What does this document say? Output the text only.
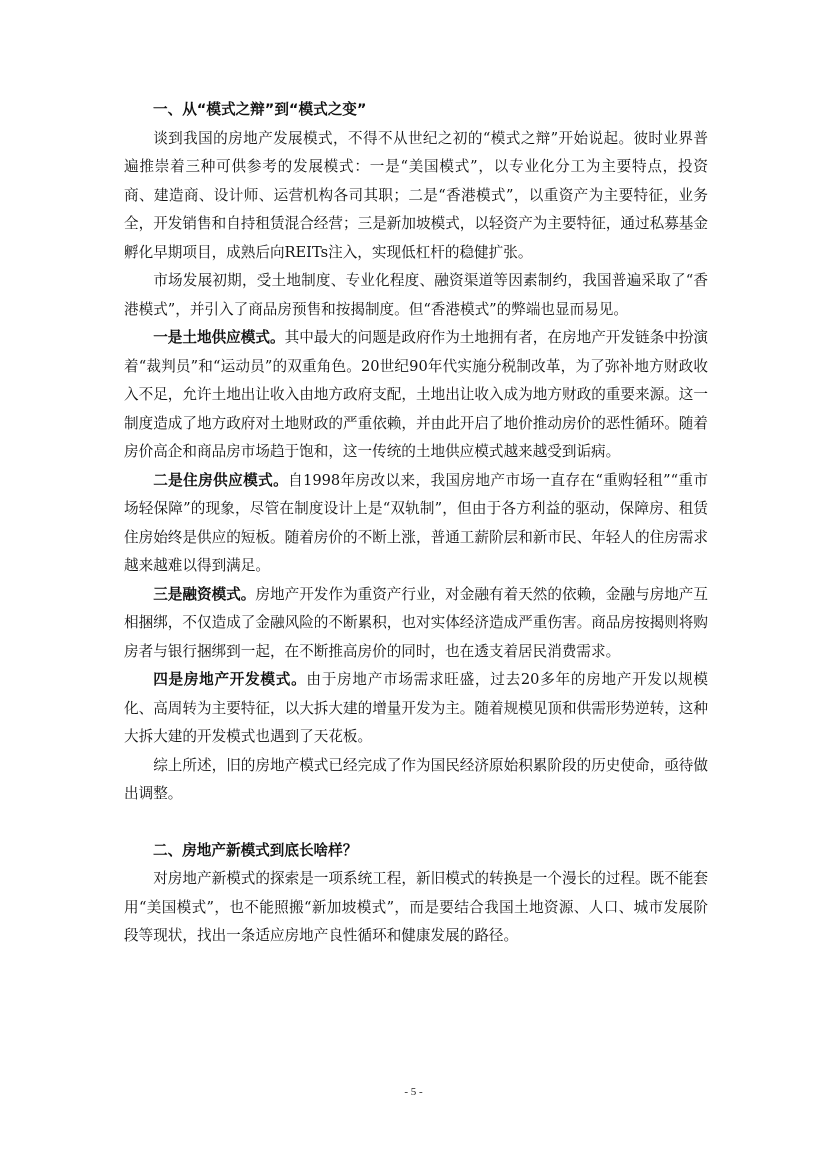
一、从“模式之辩”到“模式之变”

谈到我国的房地产发展模式，不得不从世纪之初的“模式之辩”开始说起。彼时业界普遍推崇着三种可供参考的发展模式：一是“美国模式”，以专业化分工为主要特点，投资商、建造商、设计师、运营机构各司其职；二是“香港模式”，以重资产为主要特征，业务全，开发销售和自持租赁混合经营；三是新加坡模式，以轻资产为主要特征，通过私募基金孵化早期项目，成熟后向REITs注入，实现低杠杆的稳健扩张。

市场发展初期，受土地制度、专业化程度、融资渠道等因素制约，我国普遍采取了“香港模式”，并引入了商品房预售和按揭制度。但“香港模式”的弊端也显而易见。

一是土地供应模式。其中最大的问题是政府作为土地拥有者，在房地产开发链条中扮演着“裁判员”和“运动员”的双重角色。20世纪90年代实施分税制改革，为了弥补地方财政收入不足，允许土地出让收入由地方政府支配，土地出让收入成为地方财政的重要来源。这一制度造成了地方政府对土地财政的严重依赖，并由此开启了地价推动房价的恶性循环。随着房价高企和商品房市场趋于饱和，这一传统的土地供应模式越来越受到诟病。

二是住房供应模式。自1998年房改以来，我国房地产市场一直存在“重购轻租”“重市场轻保障”的现象，尽管在制度设计上是“双轨制”，但由于各方利益的驱动，保障房、租赁住房始终是供应的短板。随着房价的不断上涨，普通工薪阶层和新市民、年轻人的住房需求越来越难以得到满足。

三是融资模式。房地产开发作为重资产行业，对金融有着天然的依赖，金融与房地产互相捆绑，不仅造成了金融风险的不断累积，也对实体经济造成严重伤害。商品房按揭则将购房者与银行捆绑到一起，在不断推高房价的同时，也在透支着居民消费需求。

四是房地产开发模式。由于房地产市场需求旺盛，过去20多年的房地产开发以规模化、高周转为主要特征，以大拆大建的增量开发为主。随着规模见顶和供需形势逆转，这种大拆大建的开发模式也遇到了天花板。

综上所述，旧的房地产模式已经完成了作为国民经济原始积累阶段的历史使命，亟待做出调整。

二、房地产新模式到底长啥样？

对房地产新模式的探索是一项系统工程，新旧模式的转换是一个漫长的过程。既不能套用“美国模式”，也不能照搬“新加坡模式”，而是要结合我国土地资源、人口、城市发展阶段等现状，找出一条适应房地产良性循环和健康发展的路径。

- 5 -
